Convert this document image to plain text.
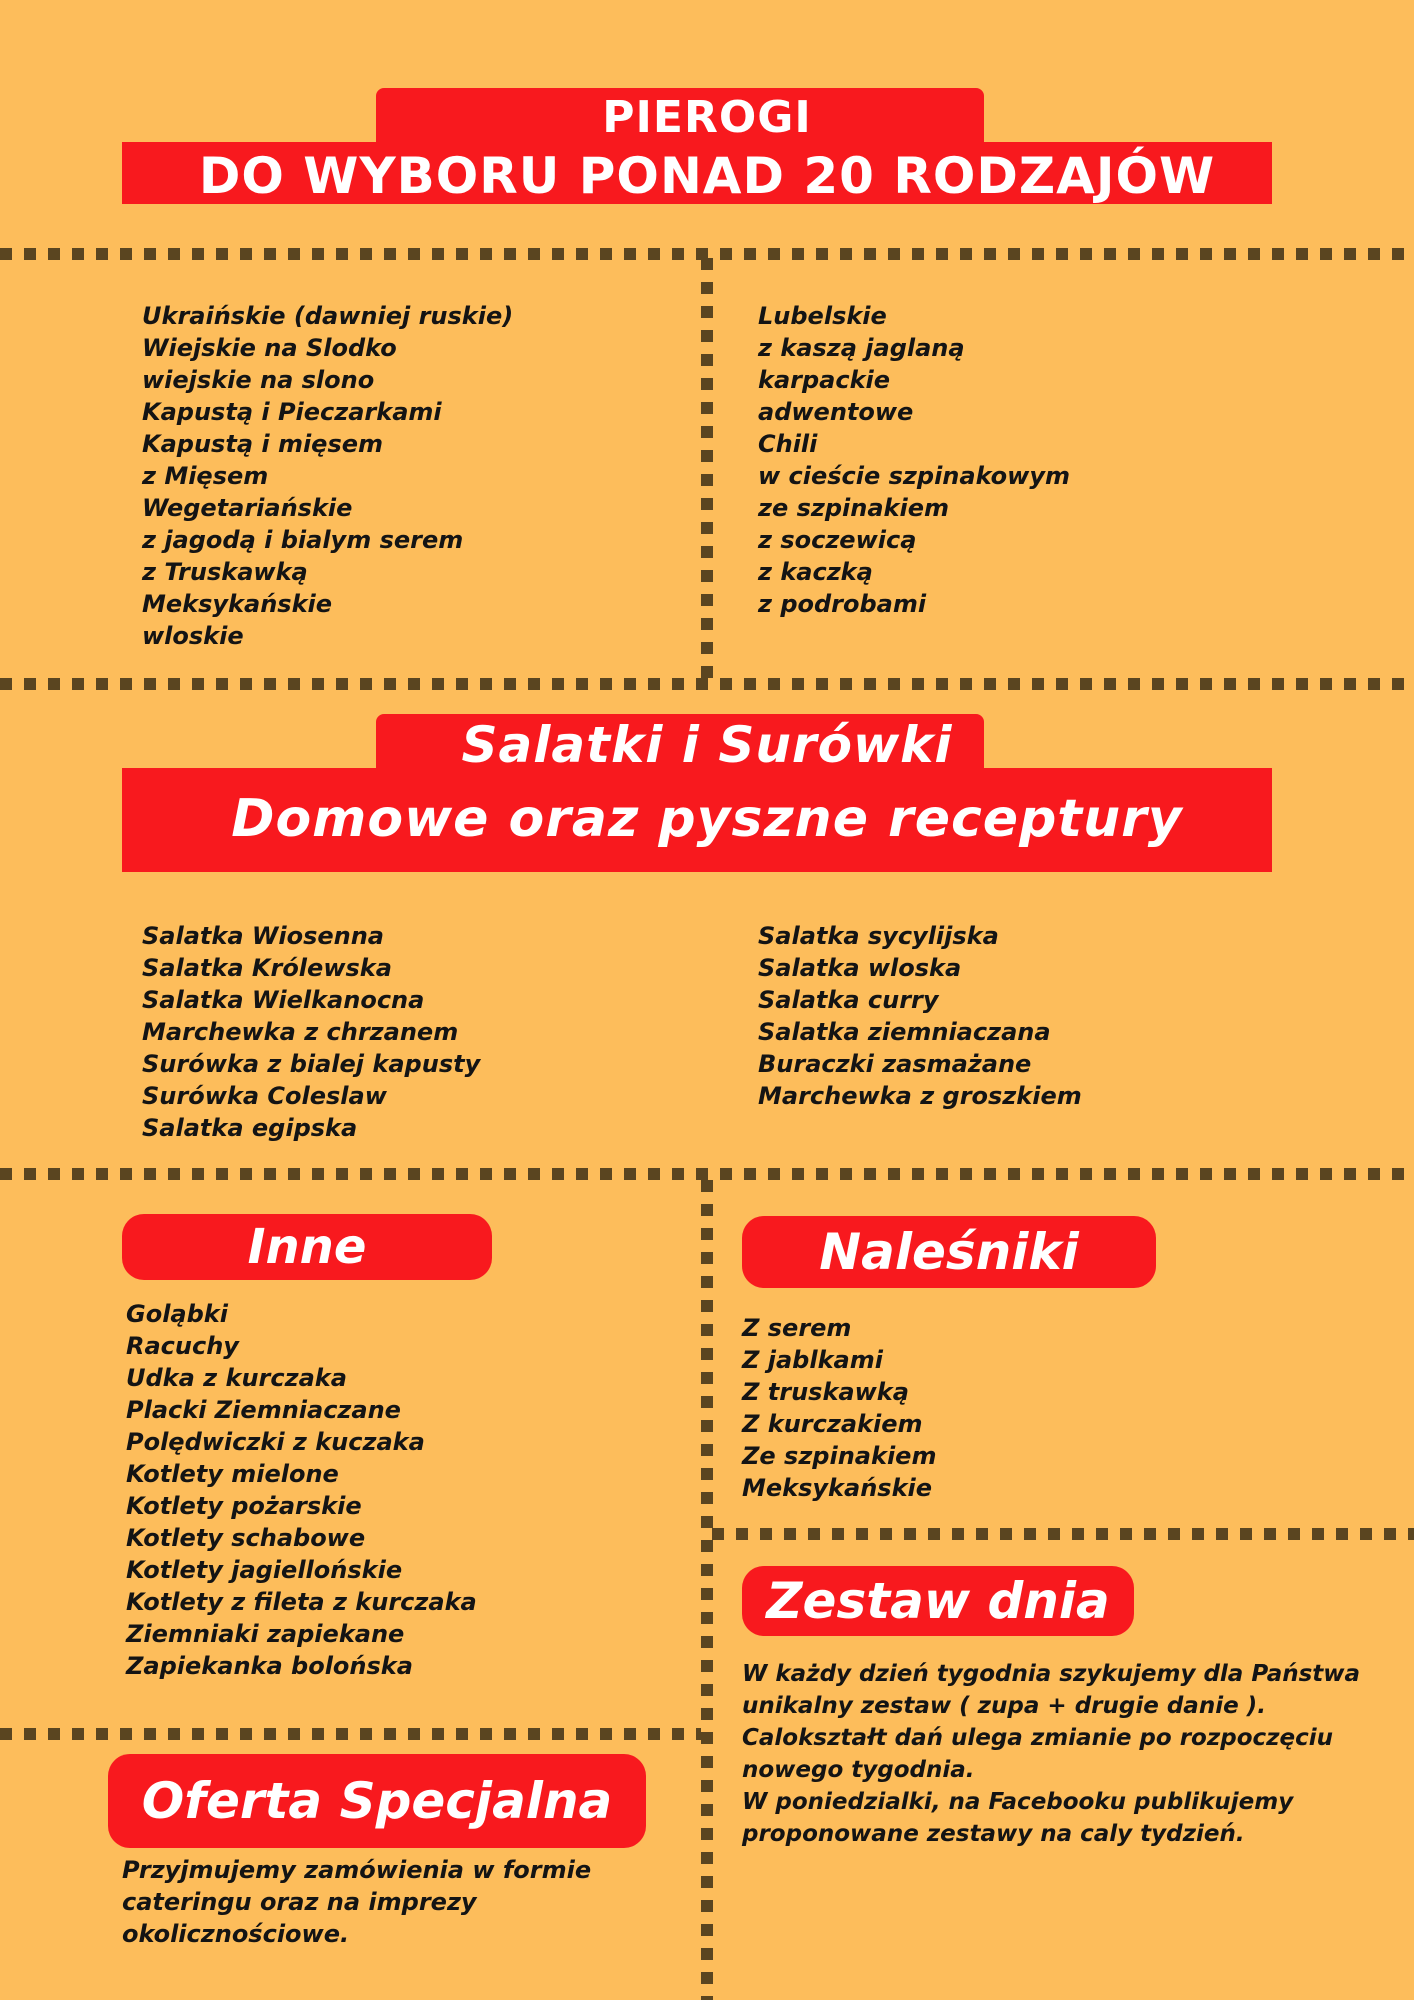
PIEROGI
DO WYBORU PONAD 20 RODZAJÓW
Ukraińskie (dawniej ruskie)
Wiejskie na Slodko
wiejskie na slono
Kapustą i Pieczarkami
Kapustą i mięsem
z Mięsem
Wegetariańskie
z jagodą i bialym serem
z Truskawką
Meksykańskie
wloskie
Lubelskie
z kaszą jaglaną
karpackie
adwentowe
Chili
w cieście szpinakowym
ze szpinakiem
z soczewicą
z kaczką
z podrobami
Salatki i Surówki
Domowe oraz pyszne receptury
Salatka Wiosenna
Salatka Królewska
Salatka Wielkanocna
Marchewka z chrzanem
Surówka z bialej kapusty
Surówka Coleslaw
Salatka egipska
Salatka sycylijska
Salatka wloska
Salatka curry
Salatka ziemniaczana
Buraczki zasmażane
Marchewka z groszkiem
Inne
Goląbki
Racuchy
Udka z kurczaka
Placki Ziemniaczane
Polędwiczki z kuczaka
Kotlety mielone
Kotlety pożarskie
Kotlety schabowe
Kotlety jagiellońskie
Kotlety z fileta z kurczaka
Ziemniaki zapiekane
Zapiekanka bolońska
Naleśniki
Z serem
Z jablkami
Z truskawką
Z kurczakiem
Ze szpinakiem
Meksykańskie
Zestaw dnia
W każdy dzień tygodnia szykujemy dla Państwa
unikalny zestaw ( zupa + drugie danie ).
Calokształt dań ulega zmianie po rozpoczęciu
nowego tygodnia.
W poniedzialki, na Facebooku publikujemy
proponowane zestawy na caly tydzień.
Oferta Specjalna
Przyjmujemy zamówienia w formie
cateringu oraz na imprezy
okolicznościowe.
